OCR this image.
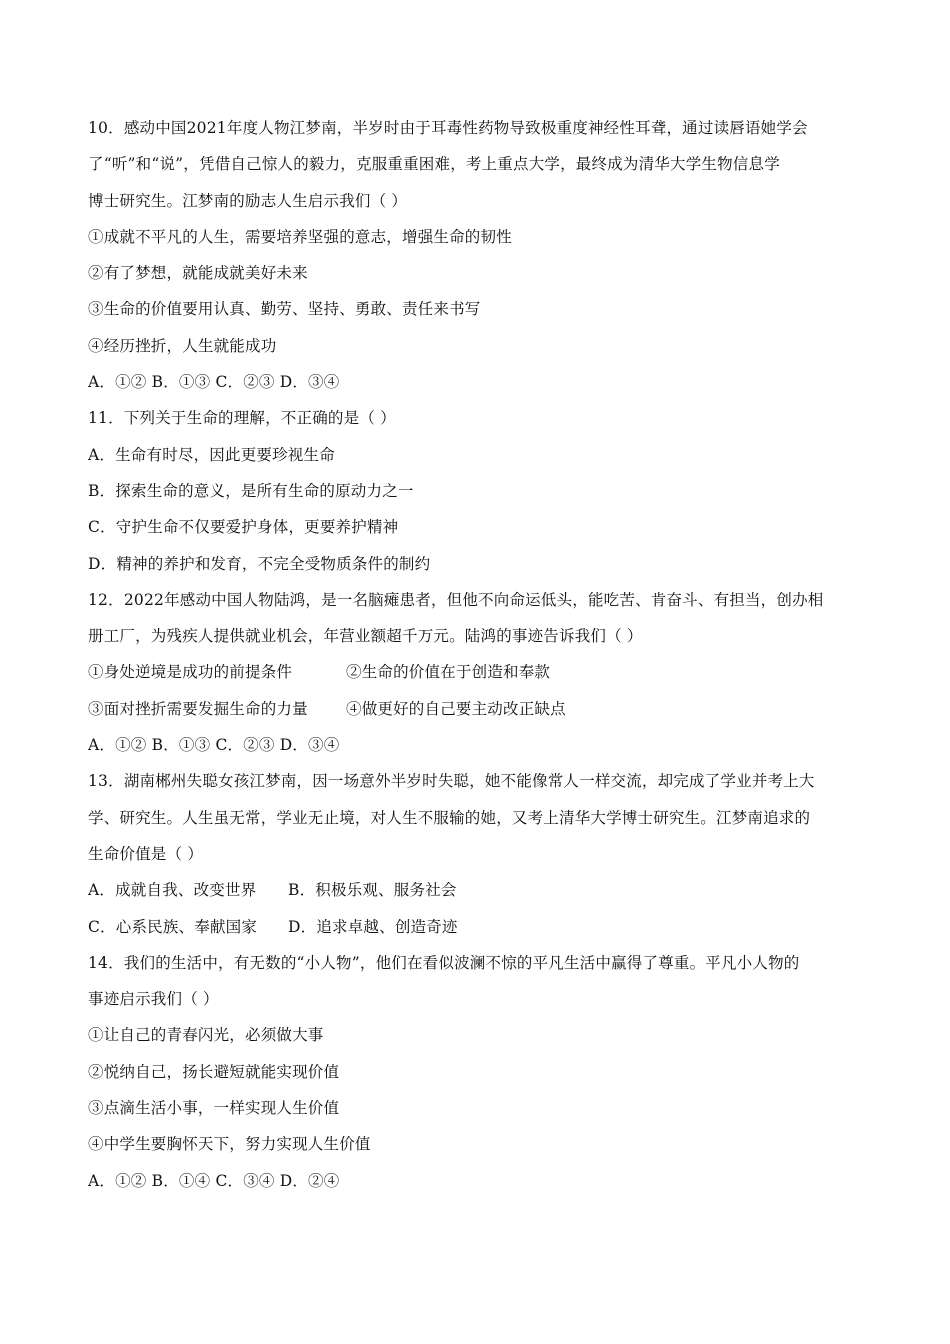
10．感动中国2021年度人物江梦南，半岁时由于耳毒性药物导致极重度神经性耳聋，通过读唇语她学会
了“听”和“说”，凭借自己惊人的毅力，克服重重困难，考上重点大学，最终成为清华大学生物信息学
博士研究生。江梦南的励志人生启示我们（ ）
①成就不平凡的人生，需要培养坚强的意志，增强生命的韧性
②有了梦想，就能成就美好未来
③生命的价值要用认真、勤劳、坚持、勇敢、责任来书写
④经历挫折，人生就能成功
A．①② B．①③ C．②③ D．③④
11．下列关于生命的理解，不正确的是（ ）
A．生命有时尽，因此更要珍视生命
B．探索生命的意义，是所有生命的原动力之一
C．守护生命不仅要爱护身体，更要养护精神
D．精神的养护和发育，不完全受物质条件的制约
12．2022年感动中国人物陆鸿，是一名脑瘫患者，但他不向命运低头，能吃苦、肯奋斗、有担当，创办相
册工厂，为残疾人提供就业机会，年营业额超千万元。陆鸿的事迹告诉我们（ ）
①身处逆境是成功的前提条件	②生命的价值在于创造和奉款
③面对挫折需要发掘生命的力量 ④做更好的自己要主动改正缺点
A．①② B．①③ C．②③ D．③④
13．湖南郴州失聪女孩江梦南，因一场意外半岁时失聪，她不能像常人一样交流，却完成了学业并考上大
学、研究生。人生虽无常，学业无止境，对人生不服输的她，又考上清华大学博士研究生。江梦南追求的
生命价值是（ ）
A．成就自我、改变世界 B．积极乐观、服务社会
C．心系民族、奉献国家 D．追求卓越、创造奇迹
14．我们的生活中，有无数的“小人物”，他们在看似波澜不惊的平凡生活中赢得了尊重。平凡小人物的
事迹启示我们（ ）
①让自己的青春闪光，必须做大事
②悦纳自己，扬长避短就能实现价值
③点滴生活小事，一样实现人生价值
④中学生要胸怀天下，努力实现人生价值
A．①② B．①④ C．③④ D．②④
